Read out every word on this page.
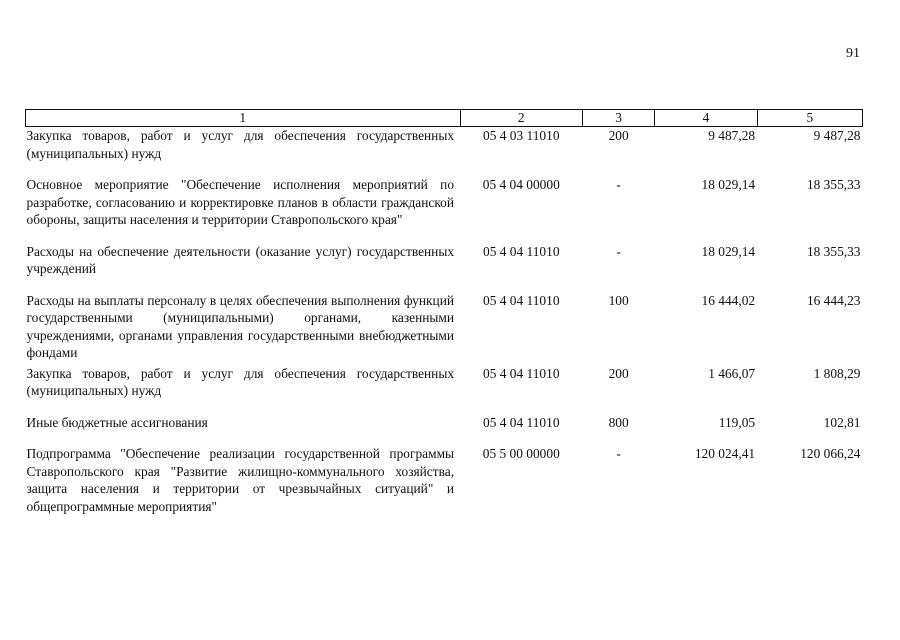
91
1	2	3	4	5
Закупка товаров, работ и услуг для обеспечения государственных (муниципальных) нужд	05 4 03 11010	200	9 487,28	9 487,28
Основное мероприятие "Обеспечение исполнения мероприятий по разработке, согласованию и корректировке планов в области гражданской обороны, защиты населения и территории Ставропольского края"	05 4 04 00000	-	18 029,14	18 355,33
Расходы на обеспечение деятельности (оказание услуг) государственных учреждений	05 4 04 11010	-	18 029,14	18 355,33
Расходы на выплаты персоналу в целях обеспечения выполнения функций государственными (муниципальными) органами, казенными учреждениями, органами управления государственными внебюджетными фондами	05 4 04 11010	100	16 444,02	16 444,23
Закупка товаров, работ и услуг для обеспечения государственных (муниципальных) нужд	05 4 04 11010	200	1 466,07	1 808,29
Иные бюджетные ассигнования	05 4 04 11010	800	119,05	102,81
Подпрограмма "Обеспечение реализации государственной программы Ставропольского края "Развитие жилищно-коммунального хозяйства, защита населения и территории от чрезвычайных ситуаций" и общепрограммные мероприятия"	05 5 00 00000	-	120 024,41	120 066,24
